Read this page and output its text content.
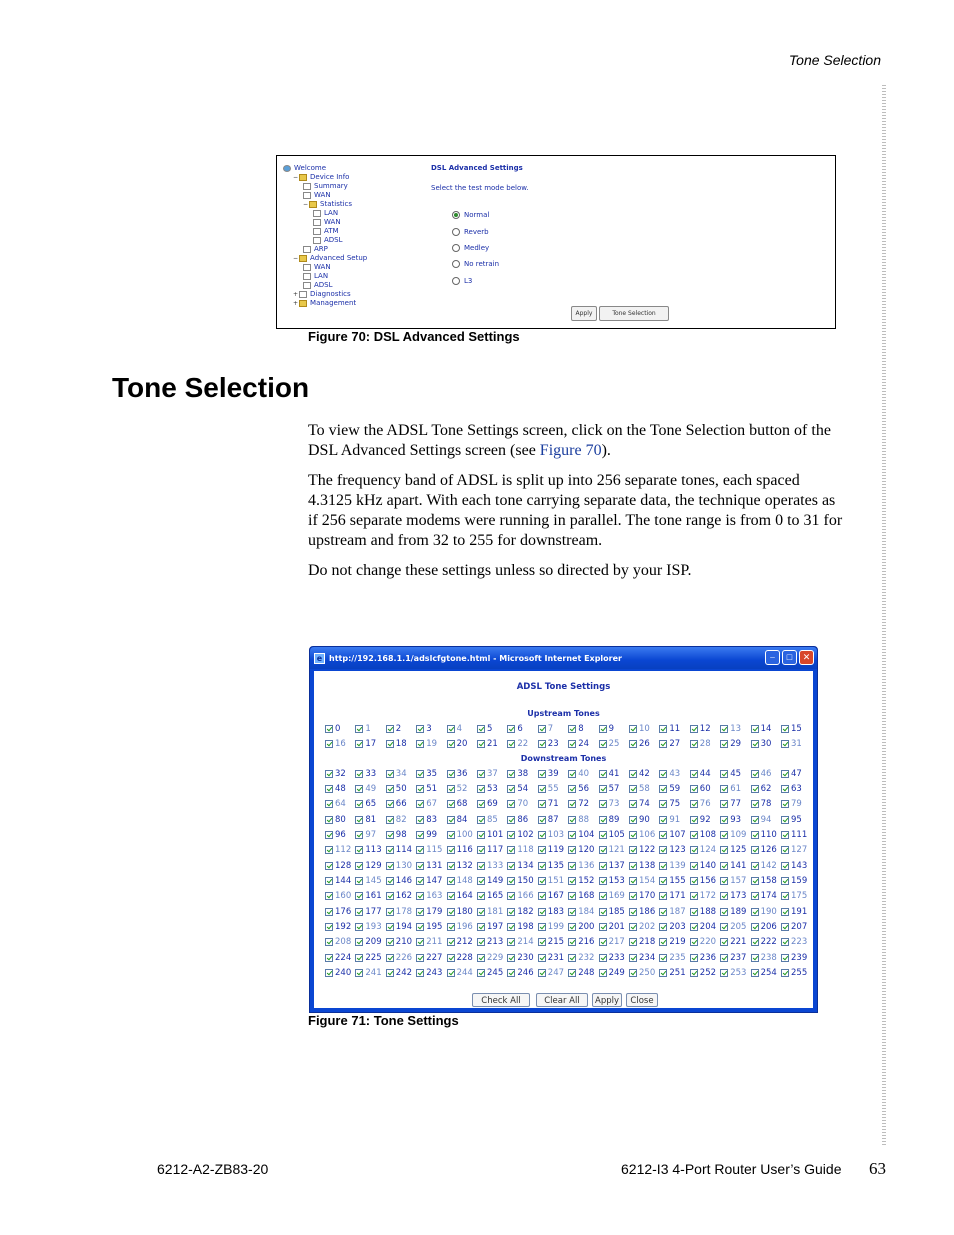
Tone Selection
Welcome
− Device Info
Summary
WAN
− Statistics
LAN
WAN
ATM
ADSL
ARP
− Advanced Setup
WAN
LAN
ADSL
+ Diagnostics
+ Management
DSL Advanced Settings
Select the test mode below.
Normal
Reverb
Medley
No retrain
L3
Apply	Tone Selection
Figure 70: DSL Advanced Settings
Tone Selection

To view the ADSL Tone Settings screen, click on the Tone Selection button of the DSL Advanced Settings screen (see Figure 70).

The frequency band of ADSL is split up into 256 separate tones, each spaced 4.3125 kHz apart. With each tone carrying separate data, the technique operates as if 256 separate modems were running in parallel. The tone range is from 0 to 31 for upstream and from 32 to 255 for downstream.

Do not change these settings unless so directed by your ISP.

e http://192.168.1.1/adslcfgtone.html - Microsoft Internet Explorer	–	□	✕
ADSL Tone Settings
Upstream Tones
Downstream Tones
Check All	Clear All	Apply	Close
0	1	2	3	4	5	6	7	8	9	10 11 12 13 14 15
16 17 18 19 20 21 22 23 24 25 26 27 28 29 30 31
32 33 34 35 36 37 38 39 40 41 42 43 44 45 46 47
48 49 50 51 52 53 54 55 56 57 58 59 60 61 62 63
64 65 66 67 68 69 70 71 72 73 74 75 76 77 78 79
80 81 82 83 84 85 86 87 88 89 90 91 92 93 94 95
96 97 98 99 100 101 102 103 104 105 106 107 108 109 110 111
112 113 114 115 116 117 118 119 120 121 122 123 124 125 126 127
128 129 130 131 132 133 134 135 136 137 138 139 140 141 142 143
144 145 146 147 148 149 150 151 152 153 154 155 156 157 158 159
160 161 162 163 164 165 166 167 168 169 170 171 172 173 174 175
176 177 178 179 180 181 182 183 184 185 186 187 188 189 190 191
192 193 194 195 196 197 198 199 200 201 202 203 204 205 206 207
208 209 210 211 212 213 214 215 216 217 218 219 220 221 222 223
224 225 226 227 228 229 230 231 232 233 234 235 236 237 238 239
240 241 242 243 244 245 246 247 248 249 250 251 252 253 254 255
Figure 71: Tone Settings
6212-A2-ZB83-20	6212-I3 4-Port Router User’s Guide 63
